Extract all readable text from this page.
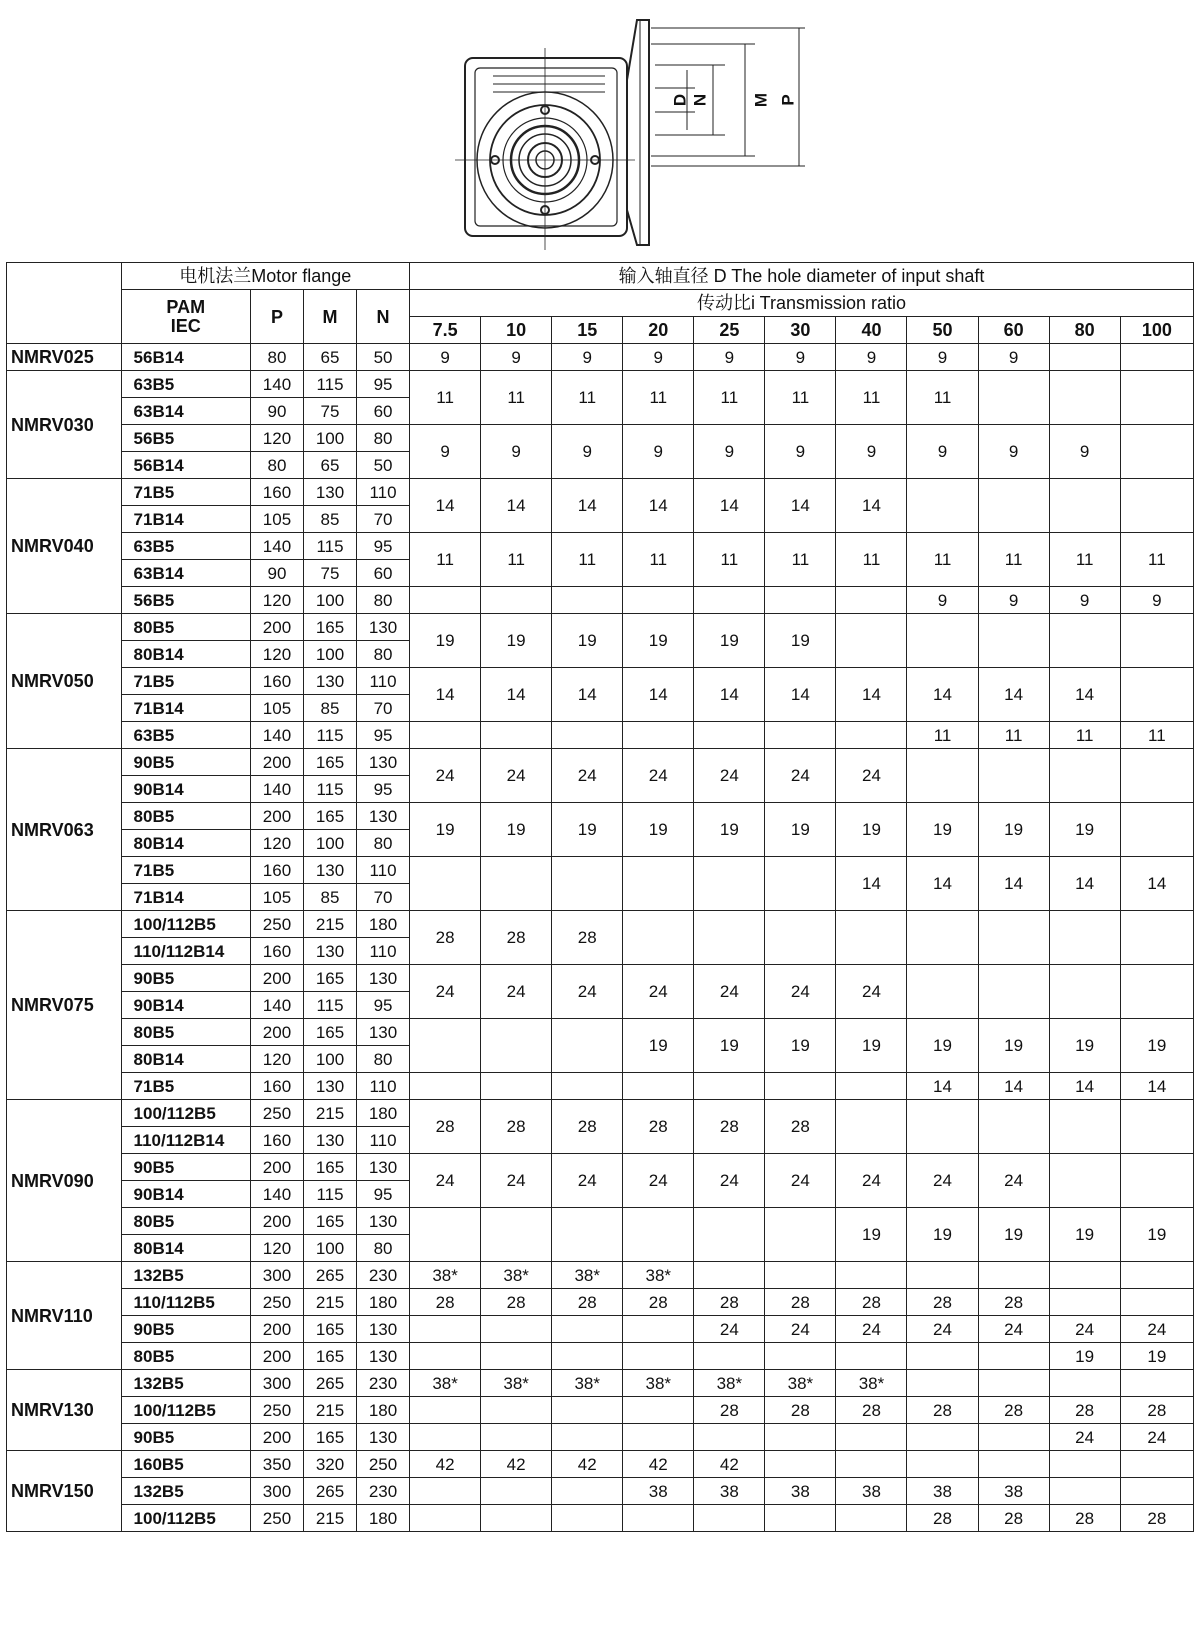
D N M P
	电机法兰Motor flange				输入轴直径 D The hole diameter of input shaft										
	PAM
IEC	P	M	N	传动比i Transmission ratio										
					7.5	10	15	20	25	30	40	50	60	80	100
NMRV025	56B14	80	65	50	9	9	9	9	9	9	9	9	9		
NMRV030	63B5	140	115	95	11	11	11	11	11	11	11	11			
	63B14	90	75	60											
	56B5	120	100	80	9	9	9	9	9	9	9	9	9	9	
	56B14	80	65	50											
NMRV040	71B5	160	130	110	14	14	14	14	14	14	14				
	71B14	105	85	70											
	63B5	140	115	95	11	11	11	11	11	11	11	11	11	11	11
	63B14	90	75	60											
	56B5	120	100	80								9	9	9	9
NMRV050	80B5	200	165	130	19	19	19	19	19	19					
	80B14	120	100	80											
	71B5	160	130	110	14	14	14	14	14	14	14	14	14	14	
	71B14	105	85	70											
	63B5	140	115	95								11	11	11	11
NMRV063	90B5	200	165	130	24	24	24	24	24	24	24				
	90B14	140	115	95											
	80B5	200	165	130	19	19	19	19	19	19	19	19	19	19	
	80B14	120	100	80											
	71B5	160	130	110							14	14	14	14	14
	71B14	105	85	70											
NMRV075	100/112B5	250	215	180	28	28	28								
	110/112B14	160	130	110											
	90B5	200	165	130	24	24	24	24	24	24	24				
	90B14	140	115	95											
	80B5	200	165	130				19	19	19	19	19	19	19	19
	80B14	120	100	80											
	71B5	160	130	110								14	14	14	14
NMRV090	100/112B5	250	215	180	28	28	28	28	28	28					
	110/112B14	160	130	110											
	90B5	200	165	130	24	24	24	24	24	24	24	24	24		
	90B14	140	115	95											
	80B5	200	165	130							19	19	19	19	19
	80B14	120	100	80											
NMRV110	132B5	300	265	230	38*	38*	38*	38*							
	110/112B5	250	215	180	28	28	28	28	28	28	28	28	28		
	90B5	200	165	130					24	24	24	24	24	24	24
	80B5	200	165	130										19	19
NMRV130	132B5	300	265	230	38*	38*	38*	38*	38*	38*	38*				
	100/112B5	250	215	180					28	28	28	28	28	28	28
	90B5	200	165	130										24	24
NMRV150	160B5	350	320	250	42	42	42	42	42						
	132B5	300	265	230				38	38	38	38	38	38		
	100/112B5	250	215	180								28	28	28	28
